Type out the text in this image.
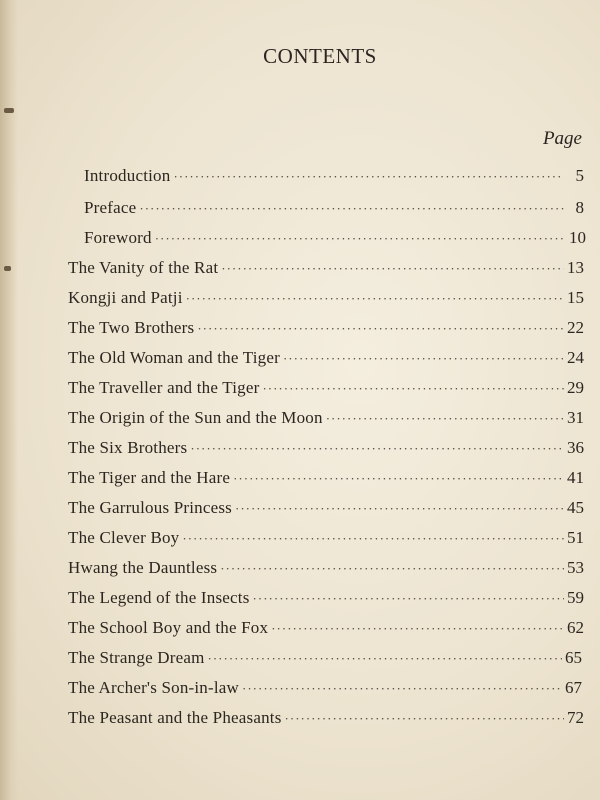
CONTENTS
Page
Introduction ·····	5
Preface ·····	8
Foreword ·····	10
The Vanity of the Rat ·····	13
Kongji and Patji ·····	15
The Two Brothers ·····	22
The Old Woman and the Tiger ·····	24
The Traveller and the Tiger ·····	29
The Origin of the Sun and the Moon ·····	31
The Six Brothers ·····	36
The Tiger and the Hare ·····	41
The Garrulous Princess ·····	45
The Clever Boy ·····	51
Hwang the Dauntless ·····	53
The Legend of the Insects ·····	59
The School Boy and the Fox ·····	62
The Strange Dream ·····	65
The Archer's Son-in-law ·····	67
The Peasant and the Pheasants ·····	72
